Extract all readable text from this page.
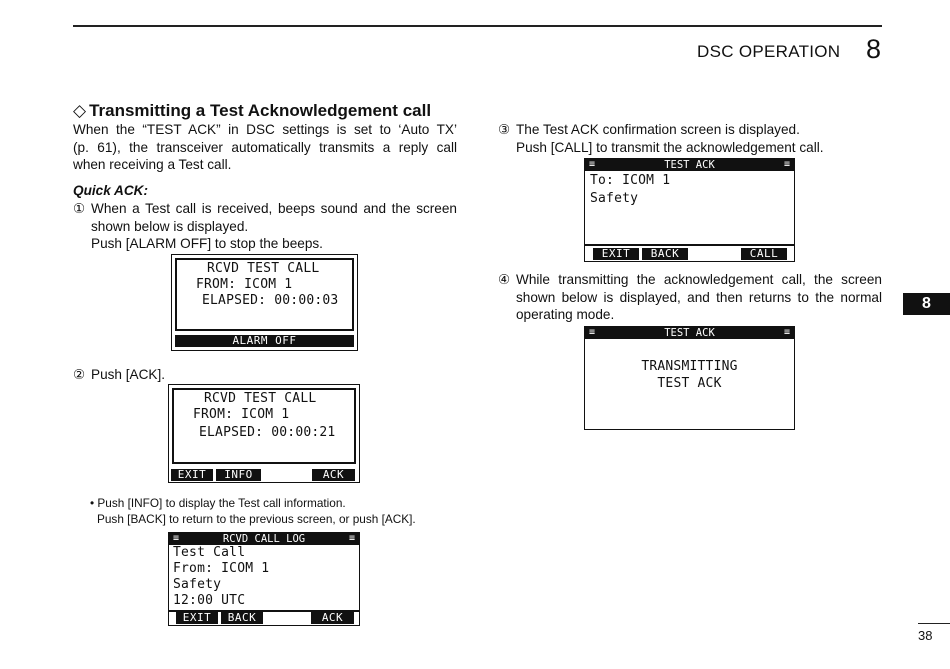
DSC OPERATION 8
◇ Transmitting a Test Acknowledgement call
When the “TEST ACK” in DSC settings is set to ‘Auto TX’
(p. 61), the transceiver automatically transmits a reply call
when receiving a Test call.
Quick ACK:
① When a Test call is received, beeps sound and the screen
shown below is displayed.
Push [ALARM OFF] to stop the beeps.
RCVD TEST CALL
FROM: ICOM 1
ELAPSED: 00:00:03
ALARM OFF
② Push [ACK].
RCVD TEST CALL
FROM: ICOM 1
ELAPSED: 00:00:21
EXIT	INFO	ACK
• Push [INFO] to display the Test call information.
Push [BACK] to return to the previous screen, or push [ACK].
≡	RCVD CALL LOG	≡
Test Call
From: ICOM 1
Safety
12:00 UTC
EXIT	BACK	ACK
③ The Test ACK confirmation screen is displayed.
Push [CALL] to transmit the acknowledgement call.
≡	TEST ACK	≡
To: ICOM 1
Safety
EXIT	BACK	CALL
④ While transmitting the acknowledgement call, the screen
shown below is displayed, and then returns to the normal
operating mode.
≡	TEST ACK	≡
TRANSMITTING
TEST ACK
8
38
